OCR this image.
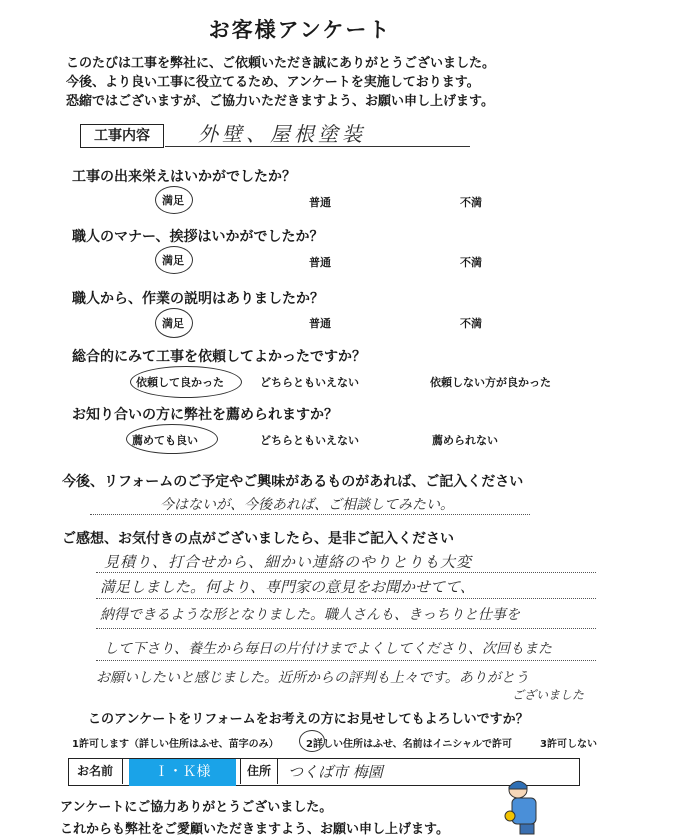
お客様アンケート
このたびは工事を弊社に、ご依頼いただき誠にありがとうございました。
今後、より良い工事に役立てるため、アンケートを実施しております。
恐縮ではございますが、ご協力いただきますよう、お願い申し上げます。
工事内容	外壁、屋根塗装
工事の出来栄えはいかがでしたか？
満足	普通	不満
職人のマナー、挨拶はいかがでしたか？
満足	普通	不満
職人から、作業の説明はありましたか？
満足	普通	不満
総合的にみて工事を依頼してよかったですか？
依頼して良かった	どちらともいえない	依頼しない方が良かった
お知り合いの方に弊社を薦められますか？
薦めても良い	どちらともいえない	薦められない
今後、リフォームのご予定やご興味があるものがあれば、ご記入ください
今はないが、今後あれば、ご相談してみたい。
ご感想、お気付きの点がございましたら、是非ご記入ください
見積り、打合せから、細かい連絡のやりとりも大変
満足しました。何より、専門家の意見をお聞かせてて、
納得できるような形となりました。職人さんも、きっちりと仕事を
して下さり、養生から毎日の片付けまでよくしてくださり、次回もまた
お願いしたいと感じました。近所からの評判も上々です。ありがとう
ございました
このアンケートをリフォームをお考えの方にお見せしてもよろしいですか？
1許可します（詳しい住所はふせ、苗字のみ）	2詳しい住所はふせ、名前はイニシャルで許可	3許可しない
お名前	Ｉ・Ｋ様	住所	つくば市 梅園
アンケートにご協力ありがとうございました。
これからも弊社をご愛顧いただきますよう、お願い申し上げます。
